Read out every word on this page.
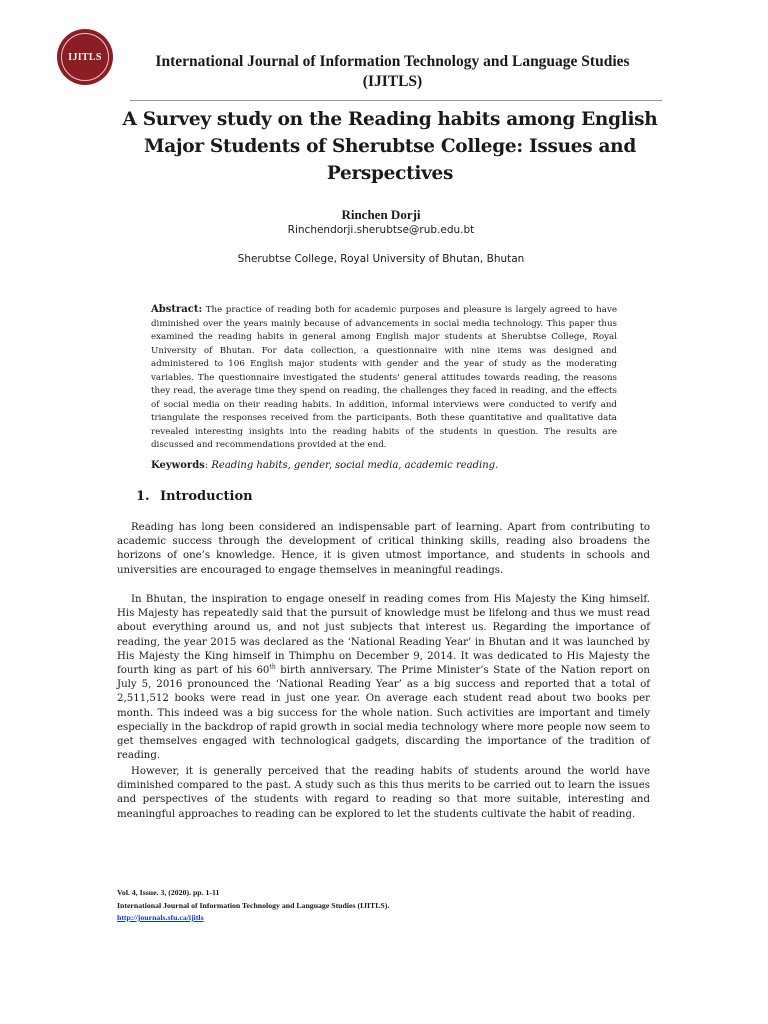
IJITLS	International Journal of Information Technology and Language Studies
(IJITLS)
A Survey study on the Reading habits among English Major Students of Sherubtse College: Issues and Perspectives
Rinchen Dorji
Rinchendorji.sherubtse@rub.edu.bt
Sherubtse College, Royal University of Bhutan, Bhutan
Abstract: The practice of reading both for academic purposes and pleasure is largely agreed to have diminished over the years mainly because of advancements in social media technology. This paper thus examined the reading habits in general among English major students at Sherubtse College, Royal University of Bhutan. For data collection, a questionnaire with nine items was designed and administered to 106 English major students with gender and the year of study as the moderating variables. The questionnaire investigated the students' general attitudes towards reading, the reasons they read, the average time they spend on reading, the challenges they faced in reading, and the effects of social media on their reading habits. In addition, informal interviews were conducted to verify and triangulate the responses received from the participants. Both these quantitative and qualitative data revealed interesting insights into the reading habits of the students in question. The results are discussed and recommendations provided at the end.
Keywords: Reading habits, gender, social media, academic reading.
1. Introduction

Reading has long been considered an indispensable part of learning. Apart from contributing to academic success through the development of critical thinking skills, reading also broadens the horizons of one’s knowledge. Hence, it is given utmost importance, and students in schools and universities are encouraged to engage themselves in meaningful readings.

In Bhutan, the inspiration to engage oneself in reading comes from His Majesty the King himself. His Majesty has repeatedly said that the pursuit of knowledge must be lifelong and thus we must read about everything around us, and not just subjects that interest us. Regarding the importance of reading, the year 2015 was declared as the ‘National Reading Year’ in Bhutan and it was launched by His Majesty the King himself in Thimphu on December 9, 2014. It was dedicated to His Majesty the fourth king as part of his 60th birth anniversary. The Prime Minister’s State of the Nation report on July 5, 2016 pronounced the ‘National Reading Year’ as a big success and reported that a total of 2,511,512 books were read in just one year. On average each student read about two books per month. This indeed was a big success for the whole nation. Such activities are important and timely especially in the backdrop of rapid growth in social media technology where more people now seem to get themselves engaged with technological gadgets, discarding the importance of the tradition of reading.

However, it is generally perceived that the reading habits of students around the world have diminished compared to the past. A study such as this thus merits to be carried out to learn the issues and perspectives of the students with regard to reading so that more suitable, interesting and meaningful approaches to reading can be explored to let the students cultivate the habit of reading.

Vol. 4, Issue. 3, (2020). pp. 1-11
International Journal of Information Technology and Language Studies (IJITLS).
http://journals.sfu.ca/ijitls
